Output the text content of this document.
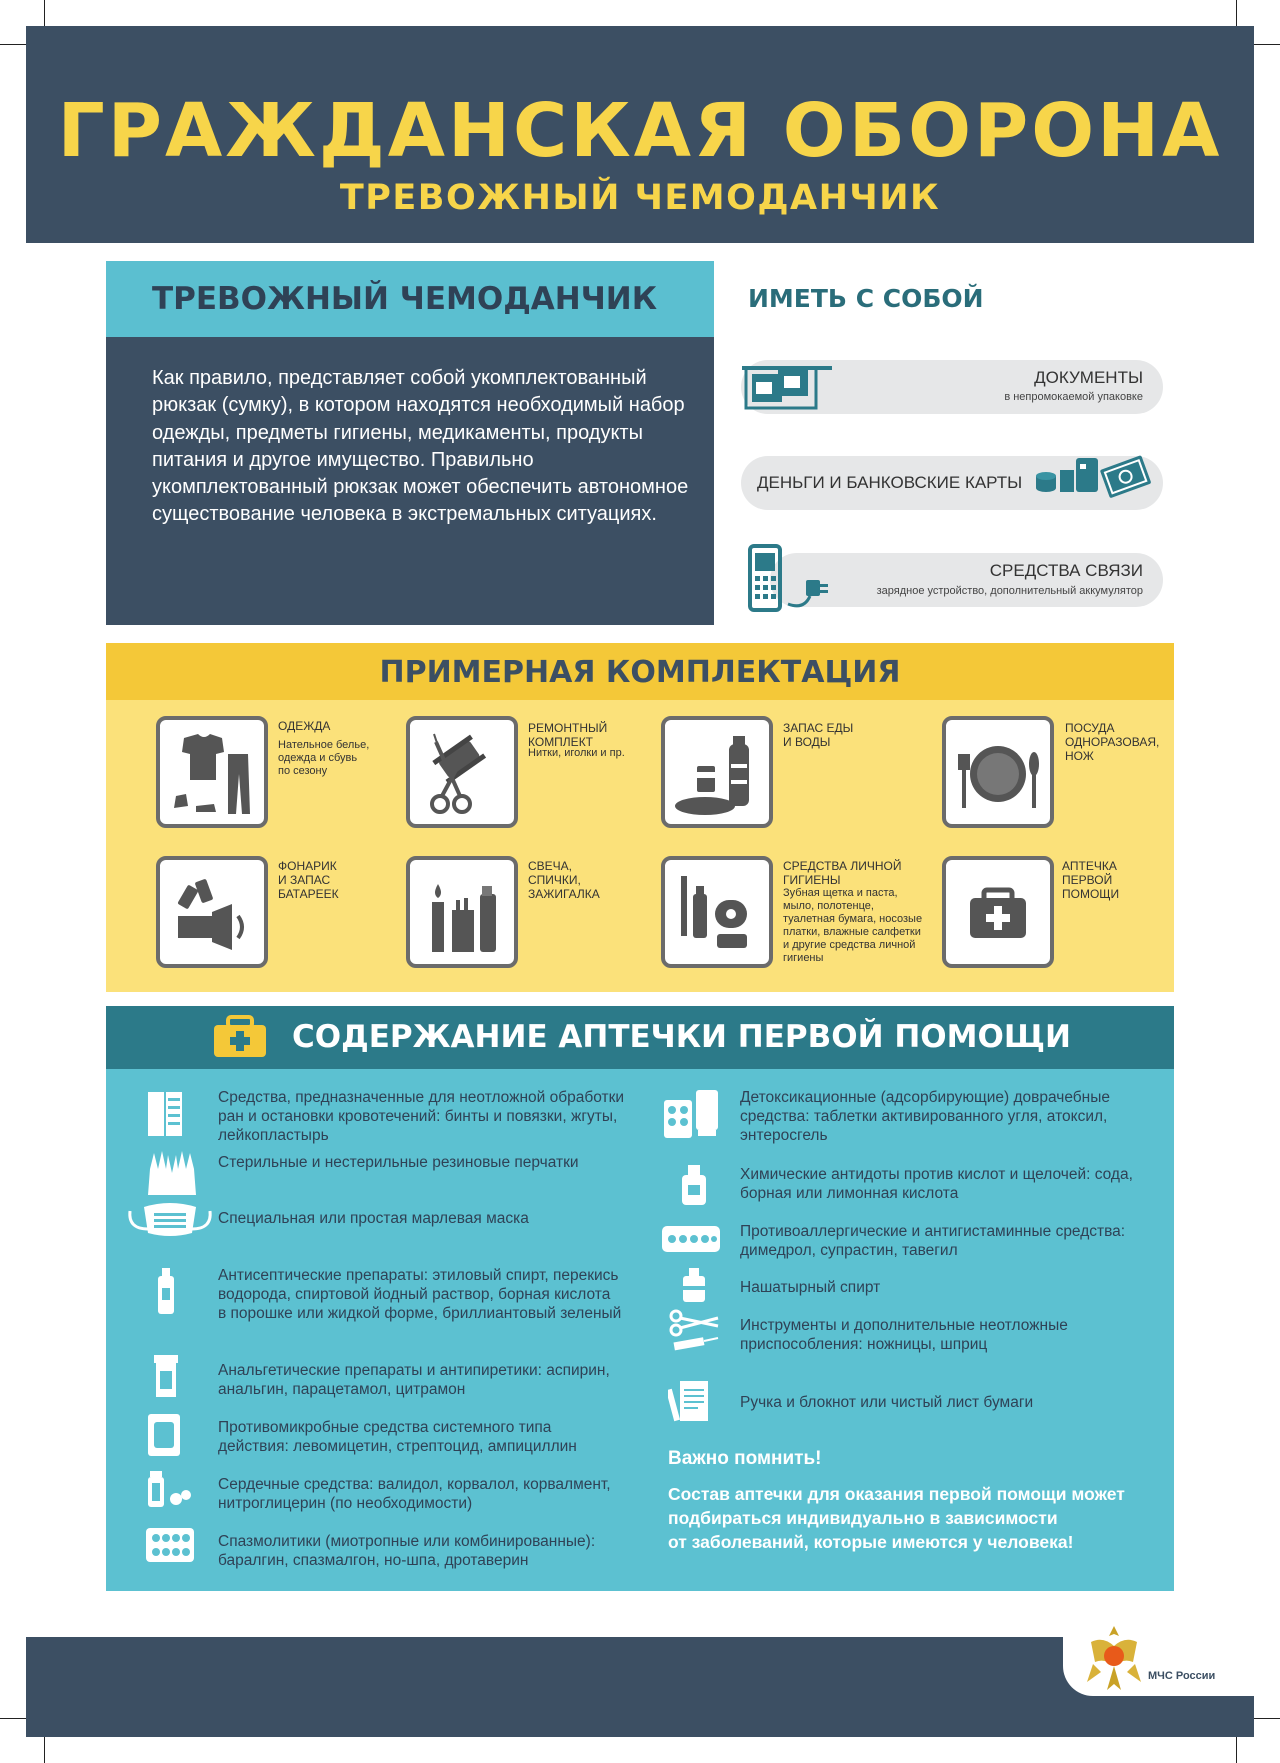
ГРАЖДАНСКАЯ ОБОРОНА
ТРЕВОЖНЫЙ ЧЕМОДАНЧИК
ТРЕВОЖНЫЙ ЧЕМОДАНЧИК

Как правило, представляет собой укомплектованный рюкзак (сумку), в котором находятся необходимый набор одежды, предметы гигиены, медикаменты, продукты питания и другое имущество. Правильно укомплектованный рюкзак может обеспечить автономное существование человека в экстремальных ситуациях.

ИМЕТЬ С СОБОЙ
ДОКУМЕНТЫ
в непромокаемой упаковке
ДЕНЬГИ И БАНКОВСКИЕ КАРТЫ
СРЕДСТВА СВЯЗИ
зарядное устройство, дополнительный аккумулятор
ПРИМЕРНАЯ КОМПЛЕКТАЦИЯ
ОДЕЖДА
Нательное белье,
одежда и сбувь
по сезону
РЕМОНТНЫЙ
КОМПЛЕКТ
Нитки, иголки и пр.
ЗАПАС ЕДЫ
И ВОДЫ
ПОСУДА
ОДНОРАЗОВАЯ,
НОЖ
ФОНАРИК
И ЗАПАС
БАТАРЕЕК
СВЕЧА,
СПИЧКИ,
ЗАЖИГАЛКА
СРЕДСТВА ЛИЧНОЙ
ГИГИЕНЫ
Зубная щетка и паста,
мыло, полотенце,
туалетная бумага, носозые
платки, влажные салфетки
и другие средства личной
гигиены
АПТЕЧКА
ПЕРВОЙ
ПОМОЩИ
СОДЕРЖАНИЕ АПТЕЧКИ ПЕРВОЙ ПОМОЩИ
Средства, предназначенные для неотложной обработки
ран и остановки кровотечений: бинты и повязки, жгуты,
лейкопластырь
Стерильные и нестерильные резиновые перчатки
Специальная или простая марлевая маска
Антисептические препараты: этиловый спирт, перекись
водорода, спиртовой йодный раствор, борная кислота
в порошке или жидкой форме, бриллиантовый зеленый
Анальгетические препараты и антипиретики: аспирин,
анальгин, парацетамол, цитрамон
Противомикробные средства системного типа
действия: левомицетин, стрептоцид, ампициллин
Сердечные средства: валидол, корвалол, корвалмент,
нитроглицерин (по необходимости)
Спазмолитики (миотропные или комбинированные):
баралгин, спазмалгон, но-шпа, дротаверин
Детоксикационные (адсорбирующие) доврачебные
средства: таблетки активированного угля, атоксил,
энтеросгель
Химические антидоты против кислот и щелочей: сода,
борная или лимонная кислота
Противоаллергические и антигистаминные средства:
димедрол, супрастин, тавегил
Нашатырный спирт
Инструменты и дополнительные неотложные
приспособления: ножницы, шприц
Ручка и блокнот или чистый лист бумаги
Важно помнить!
Состав аптечки для оказания первой помощи может
подбираться индивидуально в зависимости
от заболеваний, которые имеются у человека!
МЧС России
